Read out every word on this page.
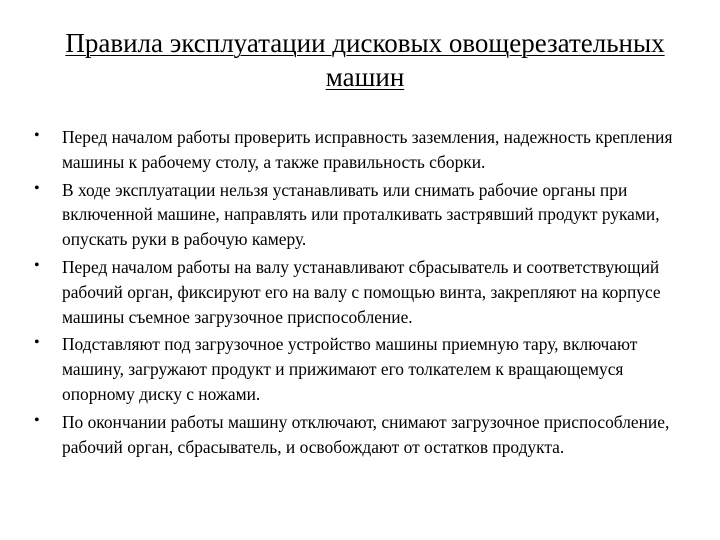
Правила эксплуатации дисковых овощерезательных машин
• Перед началом работы проверить исправность заземления, надежность крепления машины к рабочему столу, а также правильность сборки.
• В ходе эксплуатации нельзя устанавливать или снимать рабочие органы при включенной машине, направлять или проталкивать застрявший продукт руками, опускать руки в рабочую камеру.
• Перед началом работы на валу устанавливают сбрасыватель и соответствующий рабочий орган, фиксируют его на валу с помощью винта, закрепляют на корпусе машины съемное загрузочное приспособление.
• Подставляют под загрузочное устройство машины приемную тару, включают машину, загружают продукт и прижимают его толкателем к вращающемуся опорному диску с ножами.
• По окончании работы машину отключают, снимают загрузочное приспособление, рабочий орган, сбрасыватель, и освобождают от остатков продукта.
